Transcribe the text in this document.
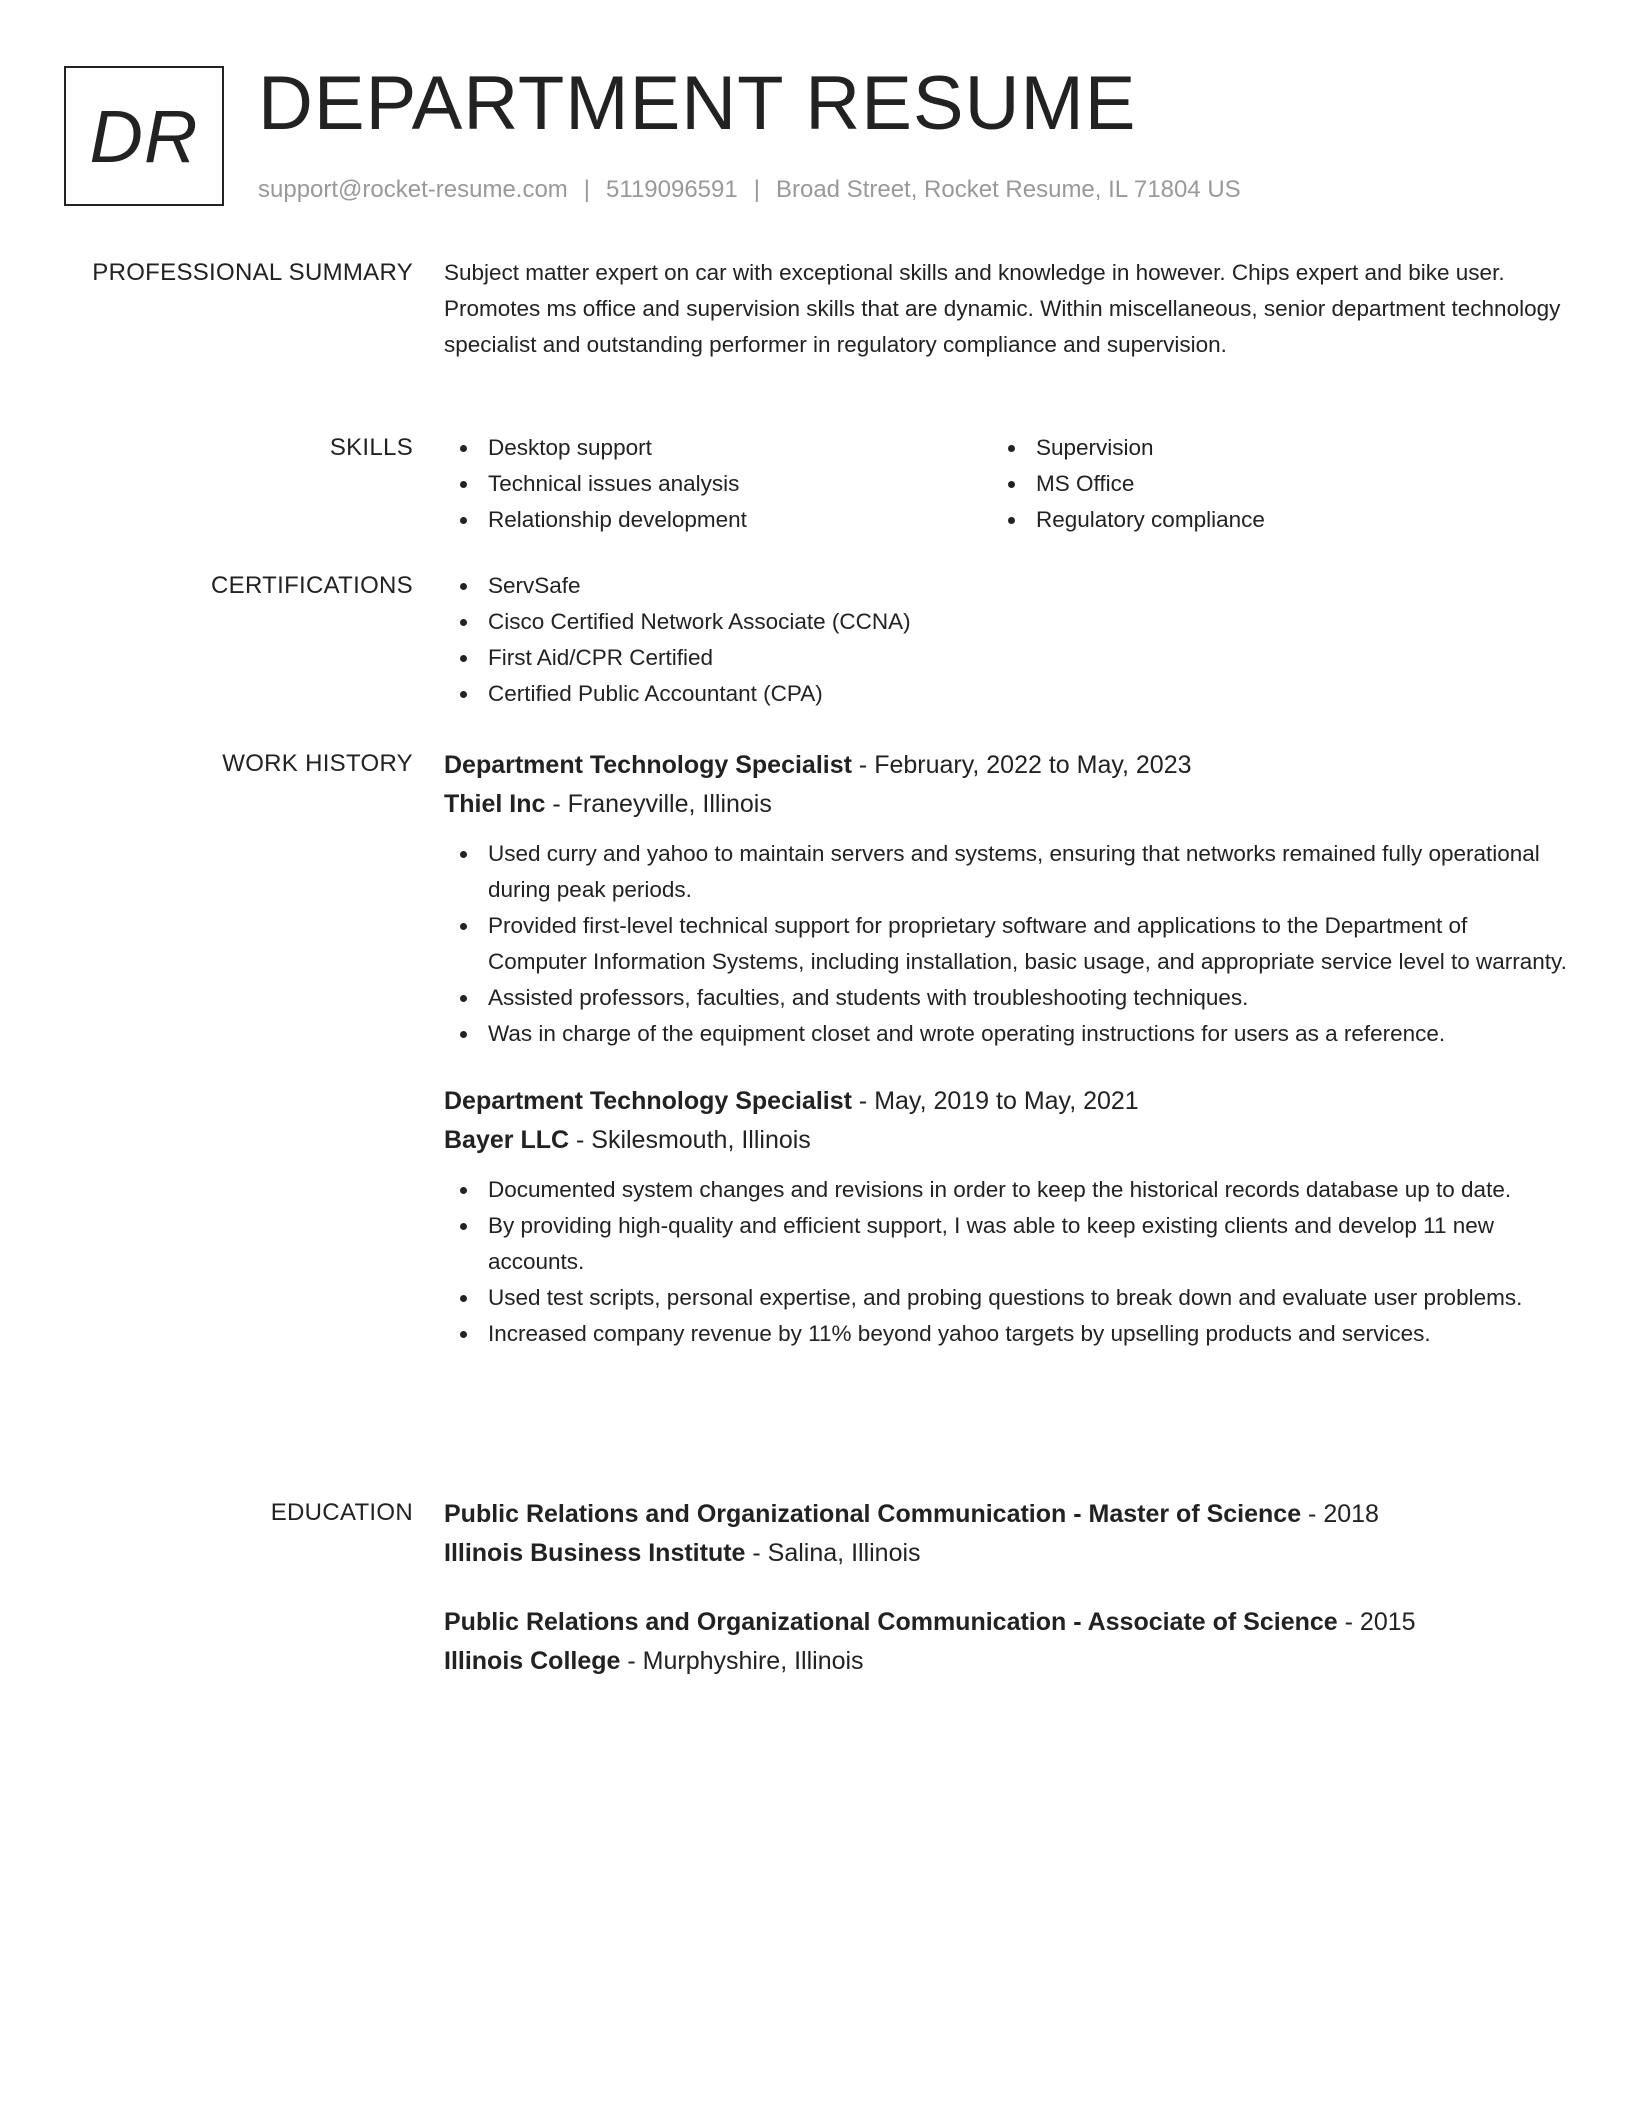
DR DEPARTMENT RESUME
support@rocket-resume.com | 5119096591 | Broad Street, Rocket Resume, IL 71804 US
PROFESSIONAL SUMMARY Subject matter expert on car with exceptional skills and knowledge in however. Chips expert and bike user. Promotes ms office and supervision skills that are dynamic. Within miscellaneous, senior department technology specialist and outstanding performer in regulatory compliance and supervision.

SKILLS	Desktop support
Technical issues analysis
Relationship development
Supervision
MS Office
Regulatory compliance
CERTIFICATIONS	ServSafe
Cisco Certified Network Associate (CCNA)
First Aid/CPR Certified
Certified Public Accountant (CPA)
WORK HISTORY Department Technology Specialist - February, 2022 to May, 2023
Thiel Inc - Franeyville, Illinois
Used curry and yahoo to maintain servers and systems, ensuring that networks remained fully operational during peak periods.
Provided first-level technical support for proprietary software and applications to the Department of Computer Information Systems, including installation, basic usage, and appropriate service level to warranty.
Assisted professors, faculties, and students with troubleshooting techniques.
Was in charge of the equipment closet and wrote operating instructions for users as a reference.
Department Technology Specialist - May, 2019 to May, 2021
Bayer LLC - Skilesmouth, Illinois
Documented system changes and revisions in order to keep the historical records database up to date.
By providing high-quality and efficient support, I was able to keep existing clients and develop 11 new accounts.
Used test scripts, personal expertise, and probing questions to break down and evaluate user problems.
Increased company revenue by 11% beyond yahoo targets by upselling products and services.
EDUCATION Public Relations and Organizational Communication - Master of Science - 2018
Illinois Business Institute - Salina, Illinois
Public Relations and Organizational Communication - Associate of Science - 2015
Illinois College - Murphyshire, Illinois
